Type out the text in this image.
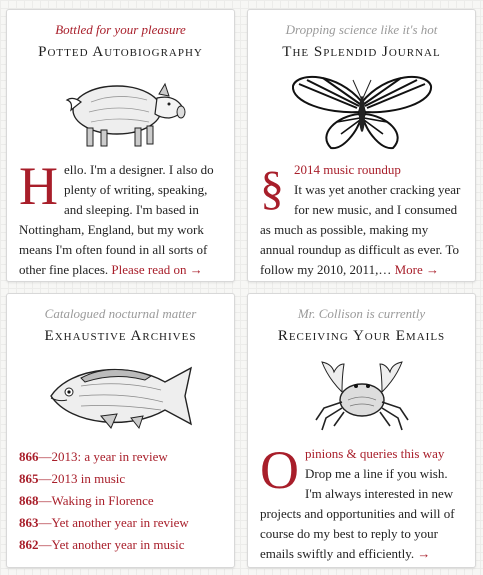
Bottled for your pleasure
Potted Autobiography
Hello. I'm a designer. I also do plenty of writing, speaking, and sleeping. I'm based in Nottingham, England, but my work means I'm often found in all sorts of other fine places. Please read on →
Dropping science like it's hot
The Splendid Journal
§ 2014 music roundup
It was yet another cracking year for new music, and I consumed as much as possible, making my annual roundup as difficult as ever. To follow my 2010, 2011,… More →
Catalogued nocturnal matter
Exhaustive Archives
866—2013: a year in review
865—2013 in music
868—Waking in Florence
863—Yet another year in review
862—Yet another year in music
Mr. Collison is currently
Receiving Your Emails
Opinions & queries this way
Drop me a line if you wish. I'm always interested in new projects and opportunities and will of course do my best to reply to your emails swiftly and efficiently. →
